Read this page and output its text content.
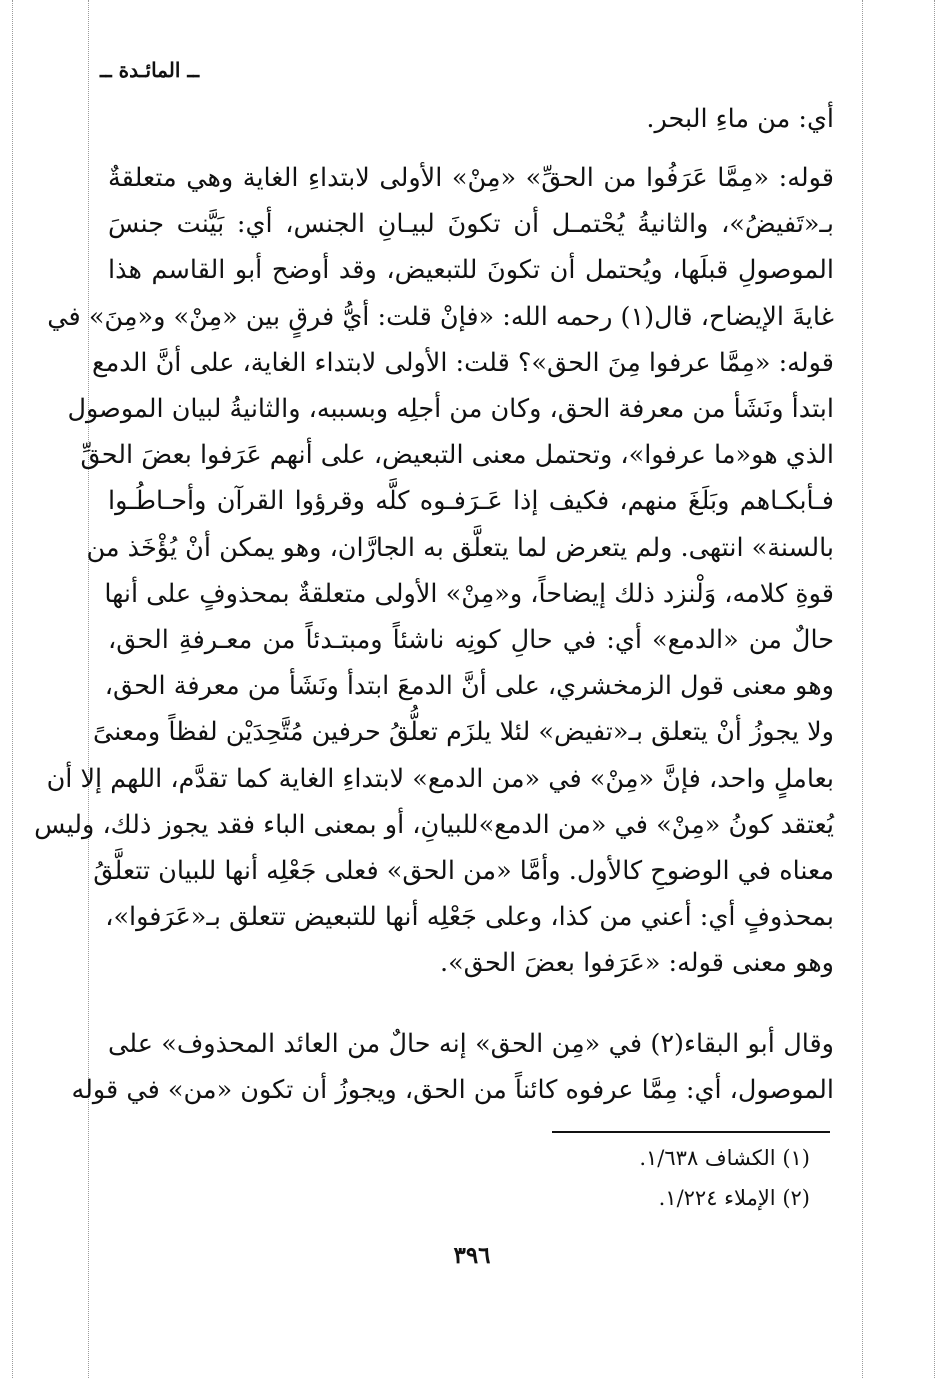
ــ المائـدة ــ
أي: من ماءِ البحر.
قوله: «مِمَّا عَرَفُوا من الحقِّ» «مِنْ» الأولى لابتداءِ الغاية وهي متعلقةٌ
بـ«تَفيضُ»، والثانيةُ يُحْتمـل أن تكونَ لبيـانِ الجنس، أي: بَيَّنت جنسَ
الموصولِ قبلَها، ويُحتمل أن تكونَ للتبعيض، وقد أوضح أبو القاسم هذا
غايةَ الإيضاح، قال(١) رحمه الله: «فإنْ قلت: أيُّ فرقٍ بين «مِنْ» و«مِنَ» في
قوله: «مِمَّا عرفوا مِنَ الحق»؟ قلت: الأولى لابتداء الغاية، على أنَّ الدمع
ابتدأ ونَشَأ من معرفة الحق، وكان من أجلِه وبسببه، والثانيةُ لبيان الموصول
الذي هو«ما عرفوا»، وتحتمل معنى التبعيض، على أنهم عَرَفوا بعضَ الحقِّ
فـأبكـاهم وبَلَغَ منهم، فكيف إذا عَـرَفـوه كلَّه وقرؤوا القرآن وأحـاطُـوا
بالسنة» انتهى. ولم يتعرض لما يتعلَّق به الجارَّان، وهو يمكن أنْ يُؤْخَذ من
قوةِ كلامه، وَلْنزد ذلك إيضاحاً، و«مِنْ» الأولى متعلقةٌ بمحذوفٍ على أنها
حالٌ من «الدمع» أي: في حالِ كونِه ناشئاً ومبتـدئاً من معـرفةِ الحق،
وهو معنى قول الزمخشري، على أنَّ الدمعَ ابتدأ ونَشَأ من معرفة الحق،
ولا يجوزُ أنْ يتعلق بـ«تفيض» لئلا يلزَم تعلُّقُ حرفين مُتَّحِدَيْن لفظاً ومعنىً
بعاملٍ واحد، فإنَّ «مِنْ» في «من الدمع» لابتداءِ الغاية كما تقدَّم، اللهم إلا أن
يُعتقد كونُ «مِنْ» في «من الدمع»للبيانِ، أو بمعنى الباء فقد يجوز ذلك، وليس
معناه في الوضوحِ كالأول. وأمَّا «من الحق» فعلى جَعْلِه أنها للبيان تتعلَّقُ
بمحذوفٍ أي: أعني من كذا، وعلى جَعْلِه أنها للتبعيض تتعلق بـ«عَرَفوا»،
وهو معنى قوله: «عَرَفوا بعضَ الحق».
وقال أبو البقاء(٢) في «مِن الحق» إنه حالٌ من العائد المحذوف» على
الموصول، أي: مِمَّا عرفوه كائناً من الحق، ويجوزُ أن تكون «من» في قوله
(١) الكشاف ١/٦٣٨.
(٢) الإملاء ١/٢٢٤.
٣٩٦
